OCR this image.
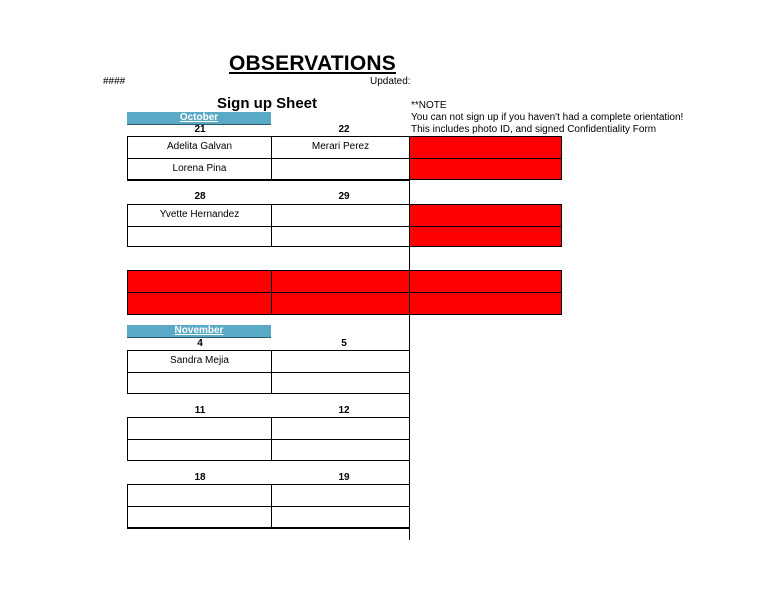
OBSERVATIONS
####	Updated:
Sign up Sheet	**NOTE
You can not sign up if you haven't had a complete orientation!
This includes photo ID, and signed Confidentiality Form
October
21	22
Adelita Galvan	Merari Perez
Lorena Pina
28	29
Yvette Hernandez
November
4	5
Sandra Mejia
11	12
18	19
